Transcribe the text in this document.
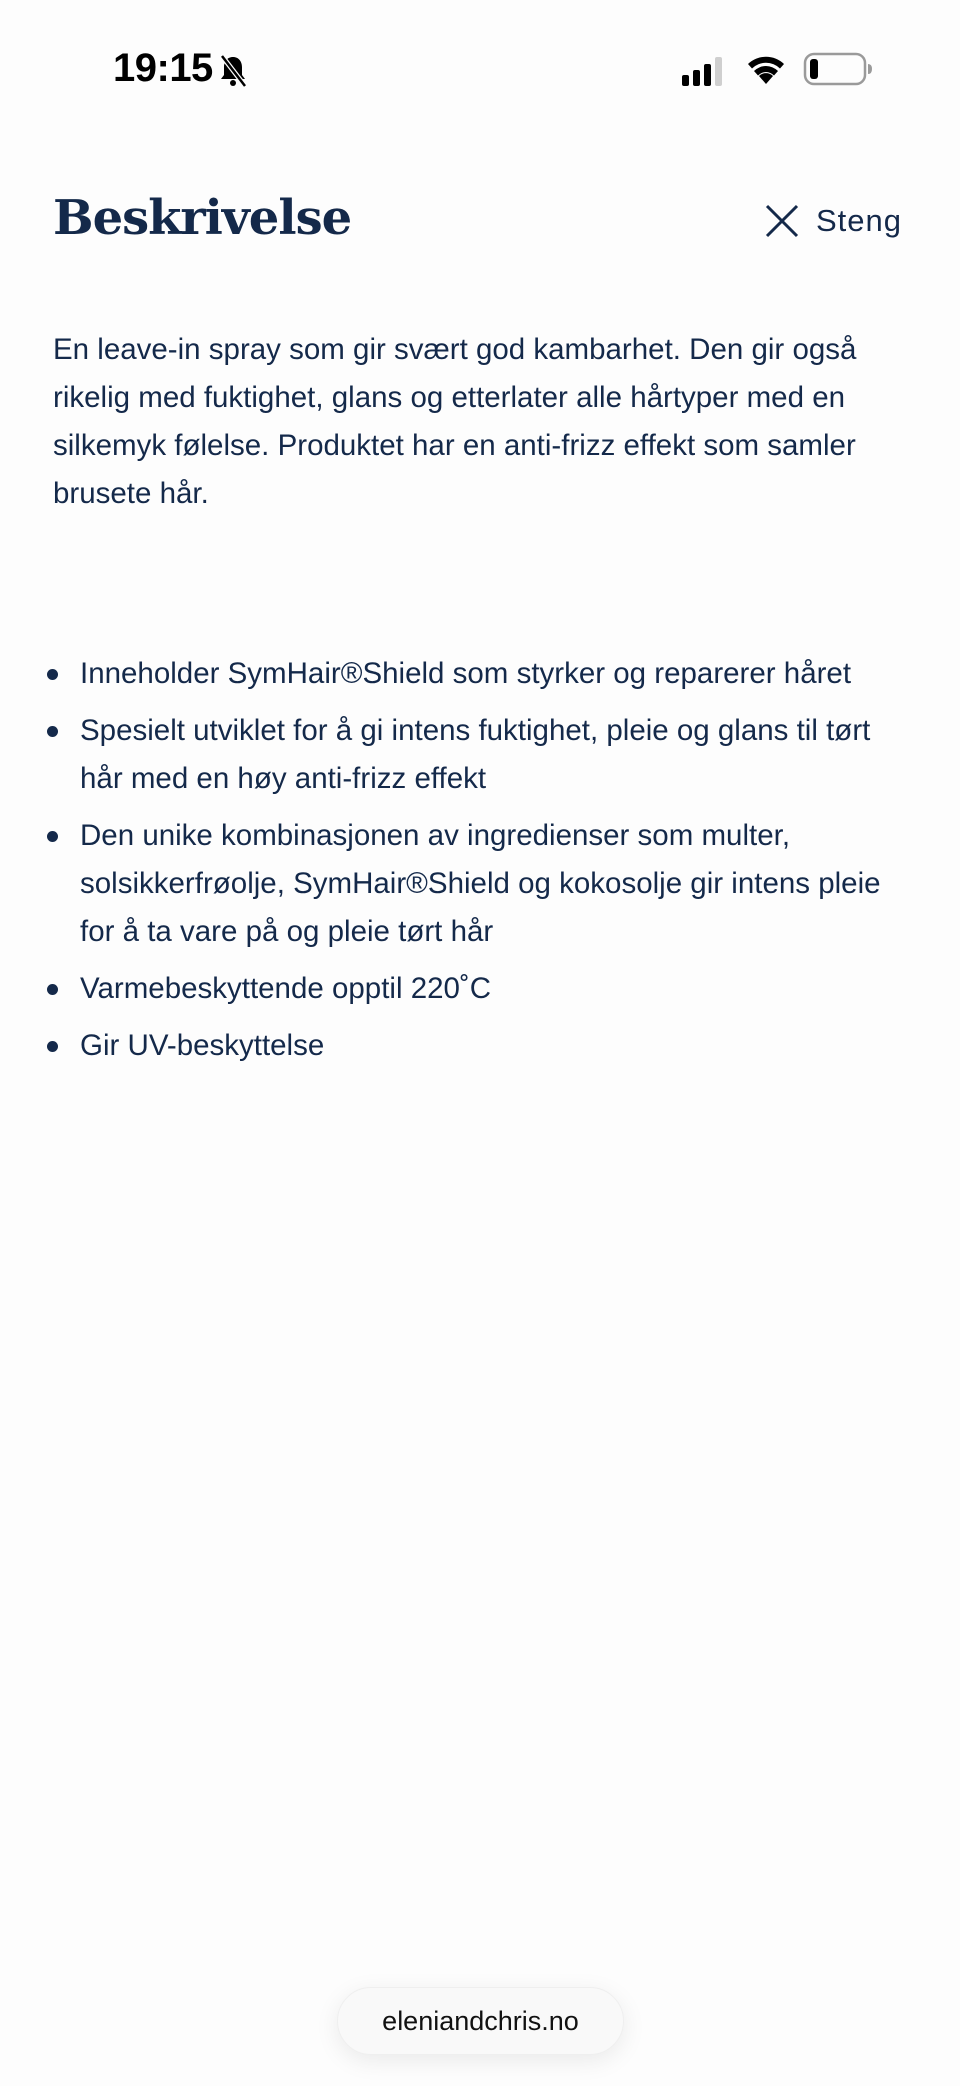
19:15
Beskrivelse	Steng

En leave-in spray som gir svært god kambarhet. Den gir også rikelig med fuktighet, glans og etterlater alle hårtyper med en silkemyk følelse. Produktet har en anti-frizz effekt som samler brusete hår.

Inneholder SymHair®Shield som styrker og reparerer håret
Spesielt utviklet for å gi intens fuktighet, pleie og glans til tørt hår med en høy anti-frizz effekt
Den unike kombinasjonen av ingredienser som multer, solsikkerfrøolje, SymHair®Shield og kokosolje gir intens pleie for å ta vare på og pleie tørt hår
Varmebeskyttende opptil 220˚C
Gir UV-beskyttelse
eleniandchris.no
